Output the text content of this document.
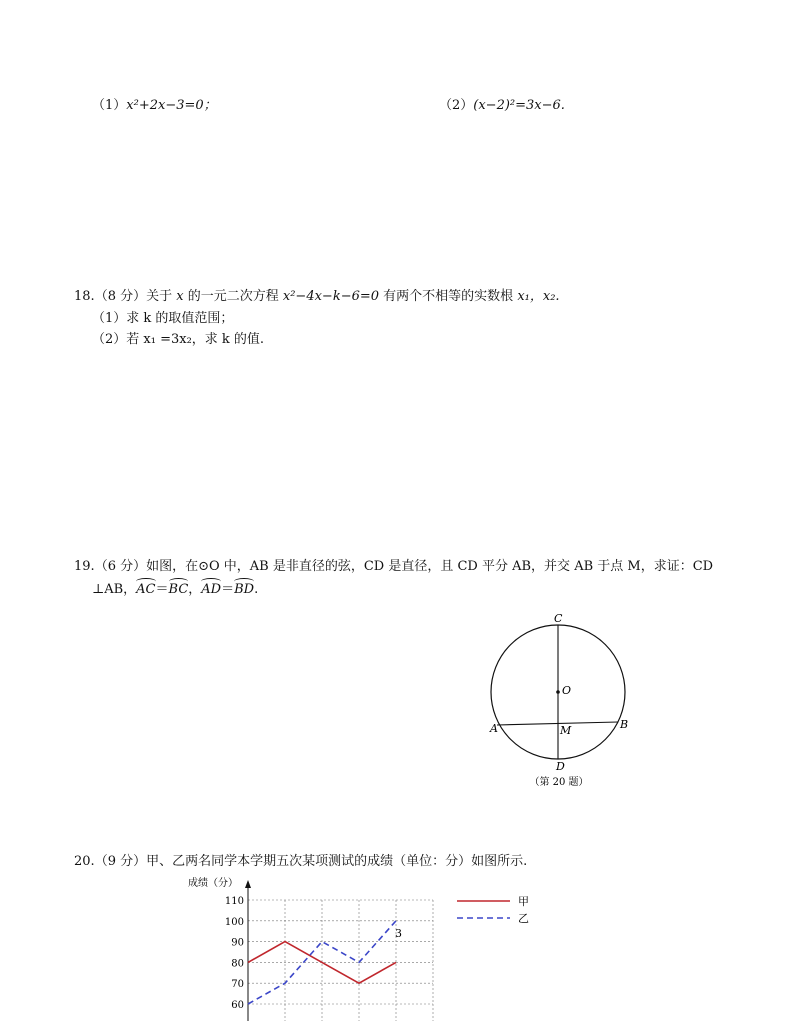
（1）x²+2x−3=0；	（2）(x−2)²=3x−6.
18.（8 分）关于 x 的一元二次方程 x²−4x−k−6=0 有两个不相等的实数根 x₁，x₂.
（1）求 k 的取值范围；
（2）若 x₁ =3x₂，求 k 的值.
19.（6 分）如图，在⊙O 中，AB 是非直径的弦，CD 是直径，且 CD 平分 AB，并交 AB 于点 M，求证：CD
⊥AB，AC＝BC，AD＝BD.
C
O
A	M	B
D
（第 20 题）
20.（9 分）甲、乙两名同学本学期五次某项测试的成绩（单位：分）如图所示.
成绩（分）
60
70
80
90
100
110
3
甲
乙
